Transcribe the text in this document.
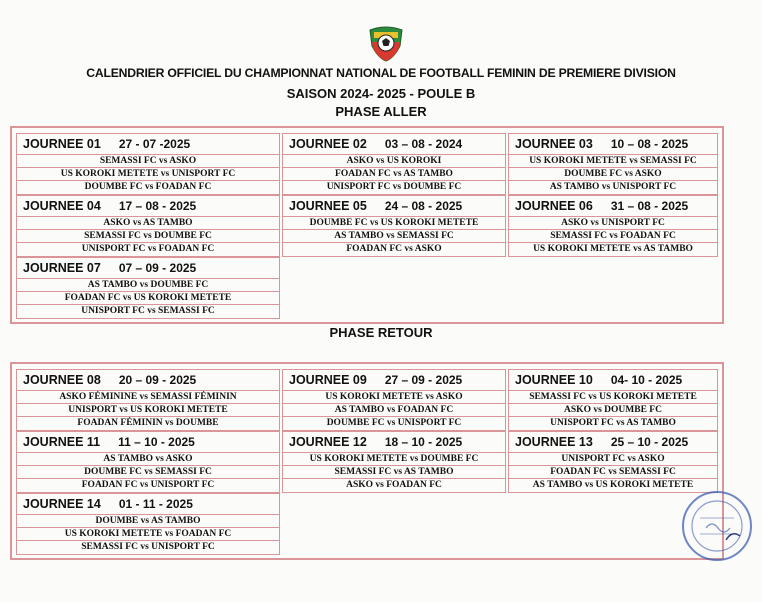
CALENDRIER OFFICIEL DU CHAMPIONNAT NATIONAL DE FOOTBALL FEMININ DE PREMIERE DIVISION
SAISON 2024- 2025 - POULE B
PHASE ALLER
JOURNEE 01 27 - 07 -2025
SEMASSI FC vs ASKO
US KOROKI METETE vs UNISPORT FC
DOUMBE FC vs FOADAN FC
JOURNEE 02 03 – 08 - 2024
ASKO vs US KOROKI
FOADAN FC vs AS TAMBO
UNISPORT FC vs DOUMBE FC
JOURNEE 03 10 – 08 - 2025
US KOROKI METETE vs SEMASSI FC
DOUMBE FC vs ASKO
AS TAMBO vs UNISPORT FC
JOURNEE 04 17 – 08 - 2025
ASKO vs AS TAMBO
SEMASSI FC vs DOUMBE FC
UNISPORT FC vs FOADAN FC
JOURNEE 05 24 – 08 - 2025
DOUMBE FC vs US KOROKI METETE
AS TAMBO vs SEMASSI FC
FOADAN FC vs ASKO
JOURNEE 06 31 – 08 - 2025
ASKO vs UNISPORT FC
SEMASSI FC vs FOADAN FC
US KOROKI METETE vs AS TAMBO
JOURNEE 07 07 – 09 - 2025
AS TAMBO vs DOUMBE FC
FOADAN FC vs US KOROKI METETE
UNISPORT FC vs SEMASSI FC
PHASE RETOUR
JOURNEE 08 20 – 09 - 2025
ASKO FÉMININE vs SEMASSI FÉMININ
UNISPORT vs US KOROKI METETE
FOADAN FÉMININ vs DOUMBE
JOURNEE 09 27 – 09 - 2025
US KOROKI METETE vs ASKO
AS TAMBO vs FOADAN FC
DOUMBE FC vs UNISPORT FC
JOURNEE 10 04- 10 - 2025
SEMASSI FC vs US KOROKI METETE
ASKO vs DOUMBE FC
UNISPORT FC vs AS TAMBO
JOURNEE 11 11 – 10 - 2025
AS TAMBO vs ASKO
DOUMBE FC vs SEMASSI FC
FOADAN FC vs UNISPORT FC
JOURNEE 12 18 – 10 - 2025
US KOROKI METETE vs DOUMBE FC
SEMASSI FC vs AS TAMBO
ASKO vs FOADAN FC
JOURNEE 13 25 – 10 - 2025
UNISPORT FC vs ASKO
FOADAN FC vs SEMASSI FC
AS TAMBO vs US KOROKI METETE
JOURNEE 14 01 - 11 - 2025
DOUMBE vs AS TAMBO
US KOROKI METETE vs FOADAN FC
SEMASSI FC vs UNISPORT FC
